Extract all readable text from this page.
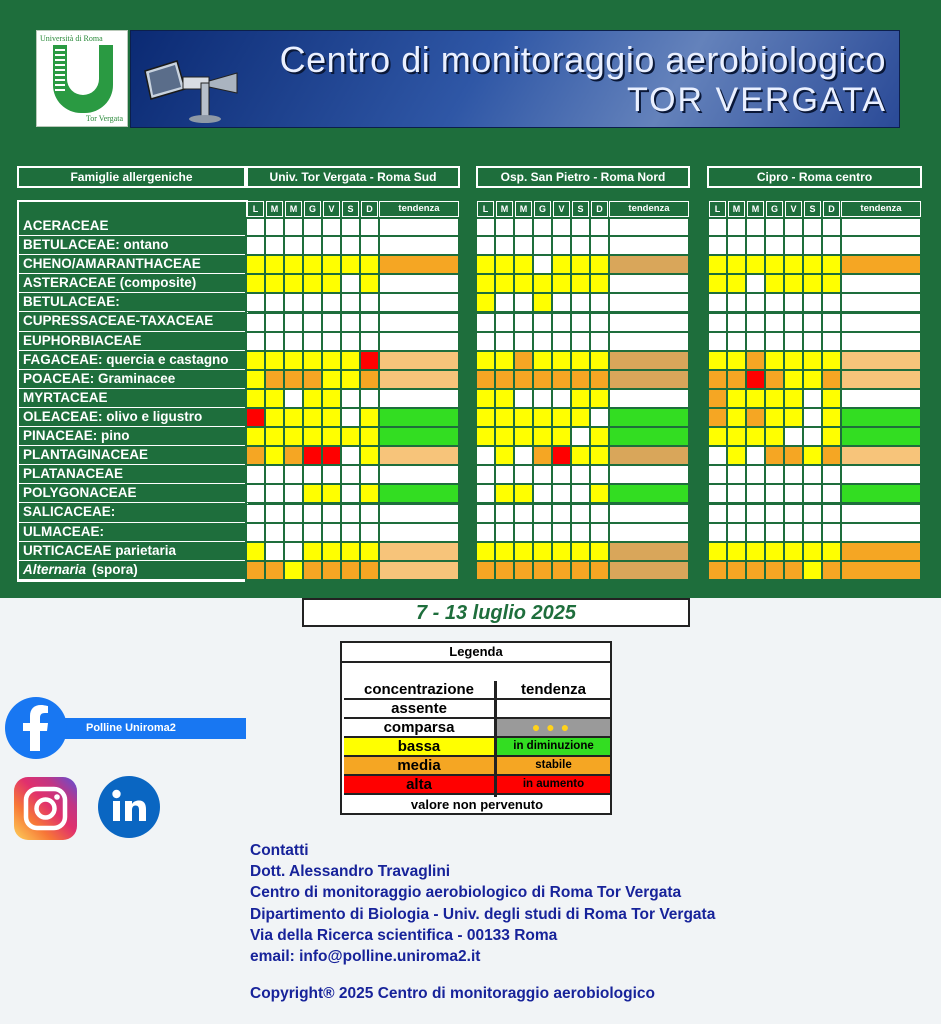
Università di Roma
Tor Vergata
Centro di monitoraggio aerobiologico
TOR VERGATA
Famiglie allergeniche	Univ. Tor Vergata - Roma Sud	Osp. San Pietro - Roma Nord	Cipro - Roma centro
ACERACEAE
BETULACEAE: ontano
CHENO/AMARANTHACEAE
ASTERACEAE (composite)
BETULACEAE:
CUPRESSACEAE-TAXACEAE
EUPHORBIACEAE
FAGACEAE: quercia e castagno
POACEAE: Graminacee
MYRTACEAE
OLEACEAE: olivo e ligustro
PINACEAE: pino
PLANTAGINACEAE
PLATANACEAE
POLYGONACEAE
SALICACEAE:
ULMACEAE:
URTICACEAE parietaria
Alternaria (spora)
L	M	M	G	V	S	D	tendenza	L	M	M	G	V	S	D	tendenza	L	M	M	G	V	S	D	tendenza
7 - 13 luglio 2025
Legenda
concentrazione	tendenza
assente
comparsa	●●●
bassa	in diminuzione
media	stabile
alta	in aumento
valore non pervenuto
Polline Uniroma2
Contatti
Dott. Alessandro Travaglini
Centro di monitoraggio aerobiologico di Roma Tor Vergata
Dipartimento di Biologia - Univ. degli studi di Roma Tor Vergata
Via della Ricerca scientifica - 00133 Roma
email: info@polline.uniroma2.it
Copyright® 2025 Centro di monitoraggio aerobiologico
